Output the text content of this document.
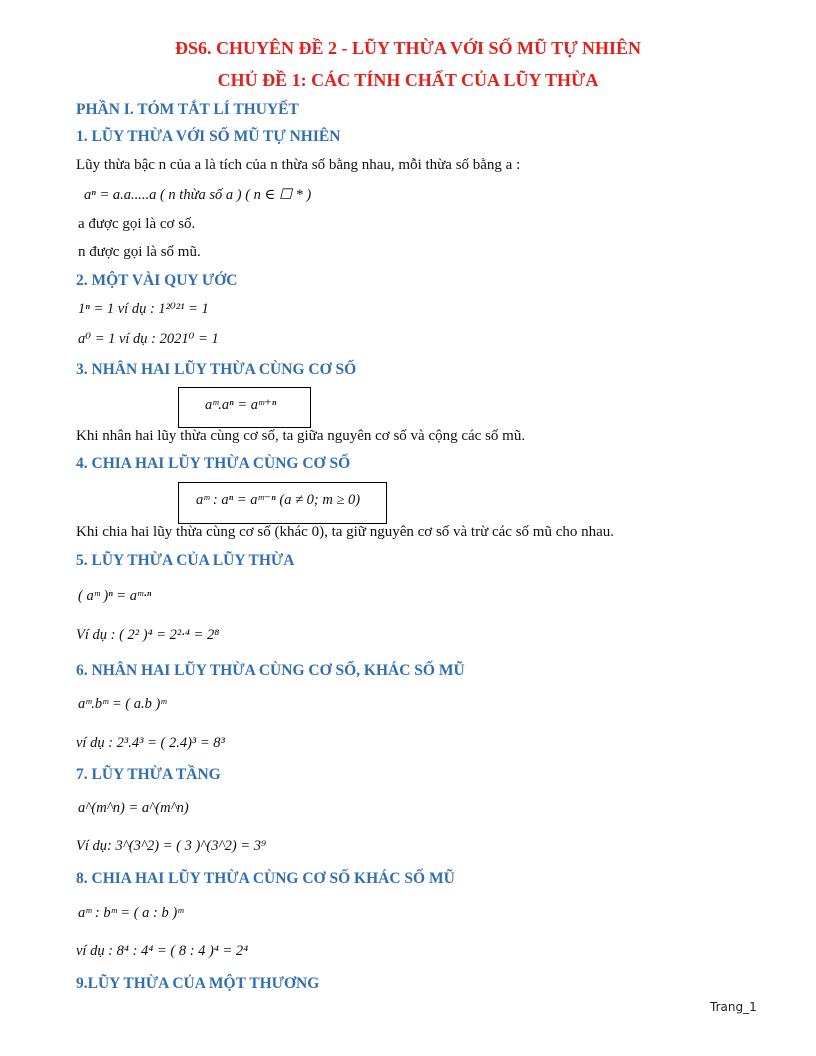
ĐS6. CHUYÊN ĐỀ 2 - LŨY THỪA VỚI SỐ MŨ TỰ NHIÊN
CHỦ ĐỀ 1: CÁC TÍNH CHẤT CỦA LŨY THỪA
PHẦN I. TÓM TẮT LÍ THUYẾT
1. LŨY THỪA VỚI SỐ MŨ TỰ NHIÊN
Lũy thừa bậc n của a là tích của n thừa số bằng nhau, mỗi thừa số bằng a :
aⁿ = a.a.....a ( n thừa số a ) ( n ∈ ☐ * )
a được gọi là cơ số.
n được gọi là số mũ.
2. MỘT VÀI QUY ƯỚC
1ⁿ = 1 ví dụ : 1²⁰²¹ = 1
a⁰ = 1 ví dụ : 2021⁰ = 1
3. NHÂN HAI LŨY THỪA CÙNG CƠ SỐ
aᵐ.aⁿ = aᵐ⁺ⁿ
Khi nhân hai lũy thừa cùng cơ số, ta giữa nguyên cơ số và cộng các số mũ.
4. CHIA HAI LŨY THỪA CÙNG CƠ SỐ
aᵐ : aⁿ = aᵐ⁻ⁿ (a ≠ 0; m ≥ 0)
Khi chia hai lũy thừa cùng cơ số (khác 0), ta giữ nguyên cơ số và trừ các số mũ cho nhau.
5. LŨY THỪA CỦA LŨY THỪA
( aᵐ )ⁿ = aᵐ·ⁿ
Ví dụ : ( 2² )⁴ = 2²·⁴ = 2⁸
6. NHÂN HAI LŨY THỪA CÙNG CƠ SỐ, KHÁC SỐ MŨ
aᵐ.bᵐ = ( a.b )ᵐ
ví dụ : 2³.4³ = ( 2.4)³ = 8³
7. LŨY THỪA TẦNG
a^(m^n) = a^(m^n)
Ví dụ: 3^(3^2) = ( 3 )^(3^2) = 3⁹
8. CHIA HAI LŨY THỪA CÙNG CƠ SỐ KHÁC SỐ MŨ
aᵐ : bᵐ = ( a : b )ᵐ
ví dụ : 8⁴ : 4⁴ = ( 8 : 4 )⁴ = 2⁴
9.LŨY THỪA CỦA MỘT THƯƠNG
Trang_1
